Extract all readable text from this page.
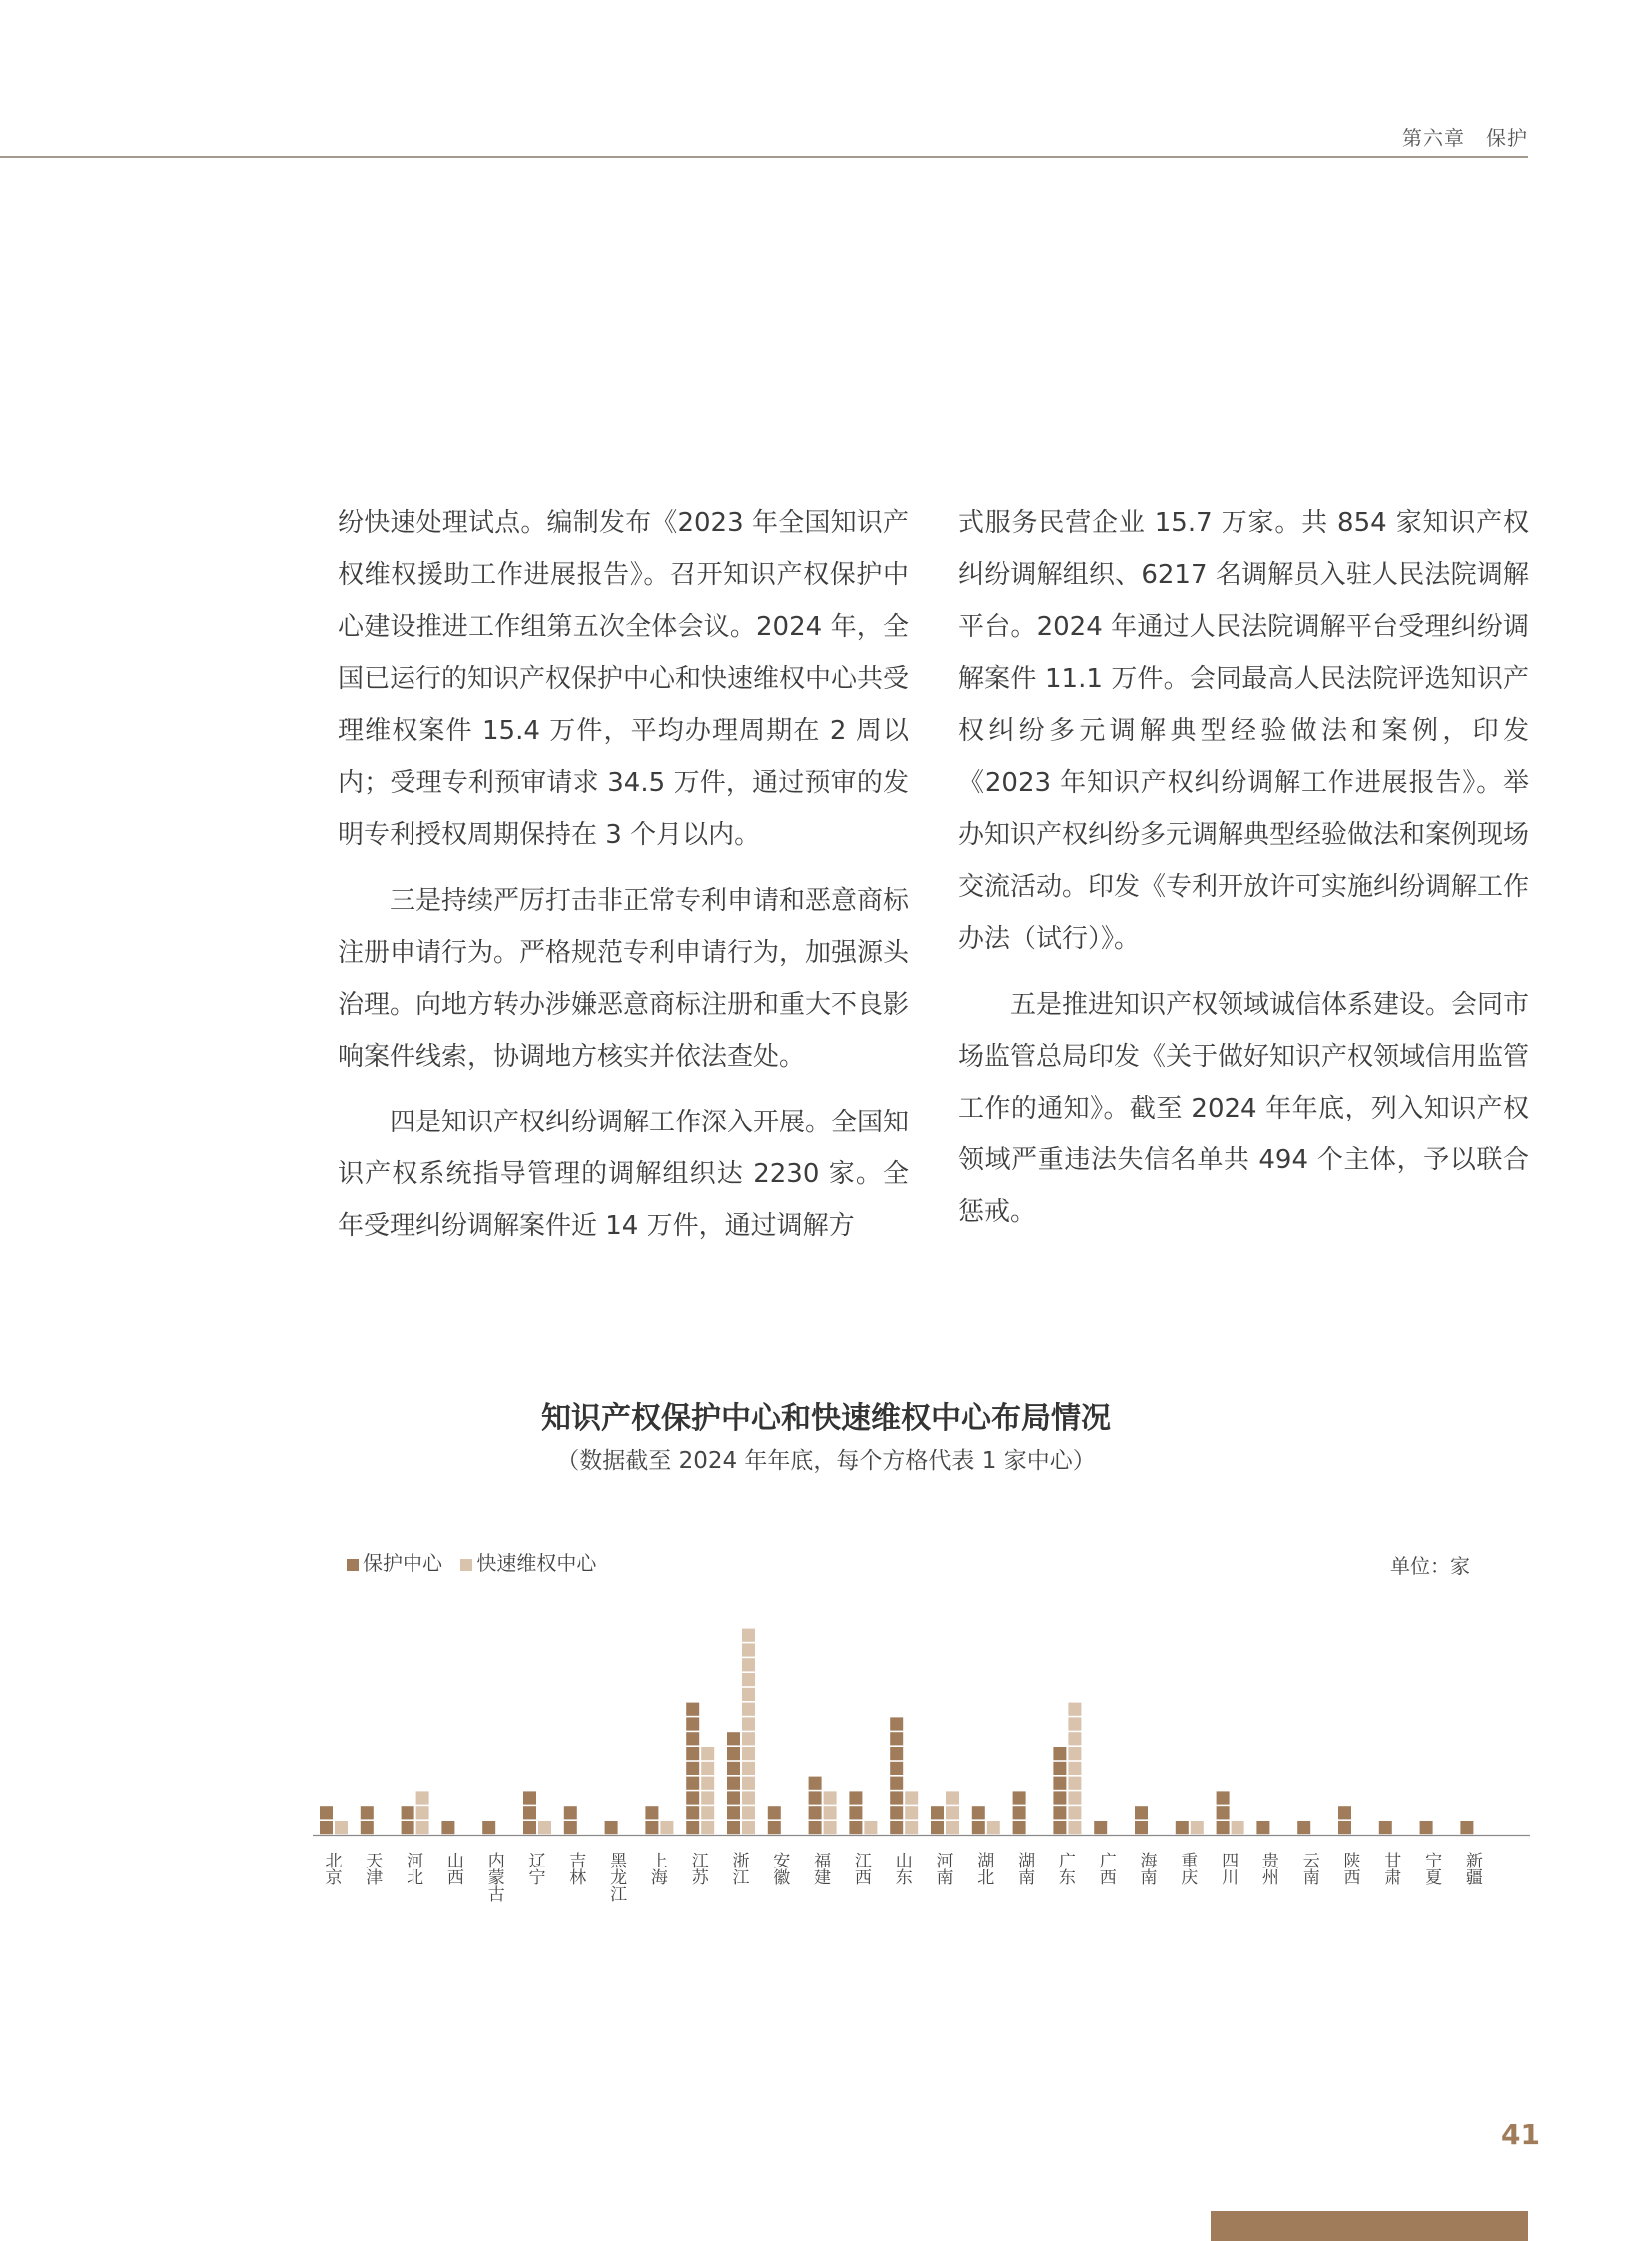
第六章　保护

纷快速处理试点。编制发布《2023 年全国知识产权维权援助工作进展报告》。召开知识产权保护中心建设推进工作组第五次全体会议。2024 年，全国已运行的知识产权保护中心和快速维权中心共受理维权案件 15.4 万件，平均办理周期在 2 周以内；受理专利预审请求 34.5 万件，通过预审的发明专利授权周期保持在 3 个月以内。

三是持续严厉打击非正常专利申请和恶意商标注册申请行为。严格规范专利申请行为，加强源头治理。向地方转办涉嫌恶意商标注册和重大不良影响案件线索，协调地方核实并依法查处。

四是知识产权纠纷调解工作深入开展。全国知识产权系统指导管理的调解组织达 2230 家。全年受理纠纷调解案件近 14 万件，通过调解方

式服务民营企业 15.7 万家。共 854 家知识产权纠纷调解组织、6217 名调解员入驻人民法院调解平台。2024 年通过人民法院调解平台受理纠纷调解案件 11.1 万件。会同最高人民法院评选知识产权纠纷多元调解典型经验做法和案例，印发《2023 年知识产权纠纷调解工作进展报告》。举办知识产权纠纷多元调解典型经验做法和案例现场交流活动。印发《专利开放许可实施纠纷调解工作办法（试行）》。

五是推进知识产权领域诚信体系建设。会同市场监管总局印发《关于做好知识产权领域信用监管工作的通知》。截至 2024 年年底，列入知识产权领域严重违法失信名单共 494 个主体，予以联合惩戒。

知识产权保护中心和快速维权中心布局情况
（数据截至 2024 年年底，每个方格代表 1 家中心）
保护中心 快速维权中心	单位：家
北京
天津
河北
山西
内蒙古
辽宁
吉林
黑龙江
上海
江苏
浙江
安徽
福建
江西
山东
河南
湖北
湖南
广东
广西
海南
重庆
四川
贵州
云南
陕西
甘肃
宁夏
新疆
41
